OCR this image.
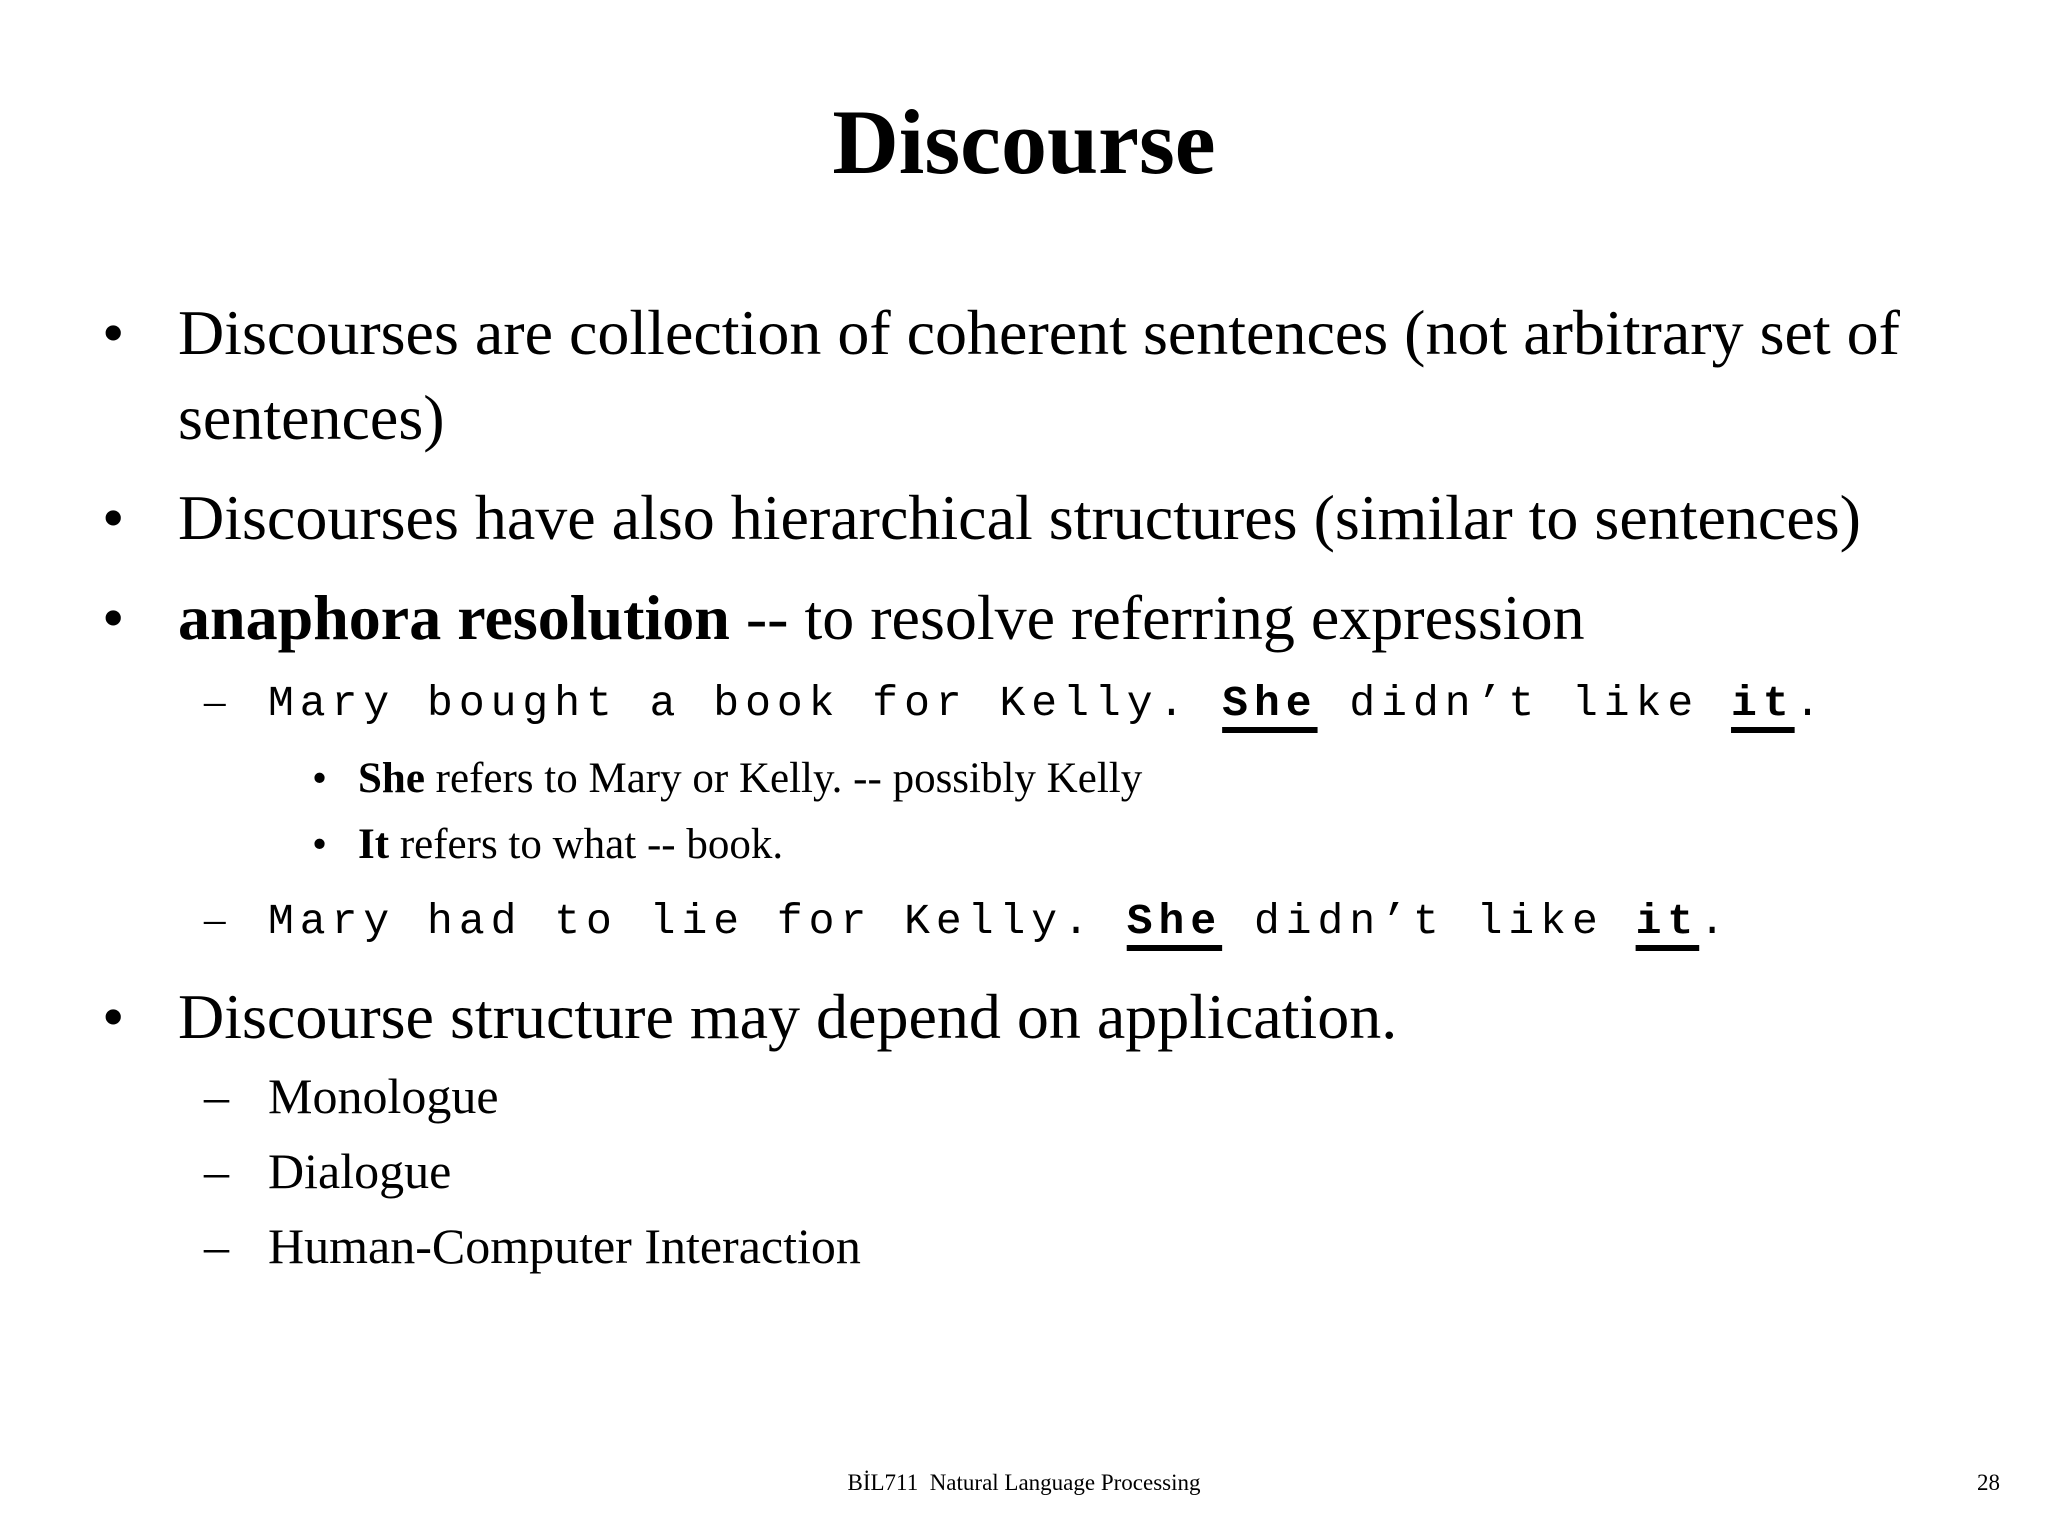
Discourse
• Discourses are collection of coherent sentences (not arbitrary set of sentences)
• Discourses have also hierarchical structures (similar to sentences)
• anaphora resolution -- to resolve referring expression
– Mary bought a book for Kelly. She didn’t like it.
• She refers to Mary or Kelly. -- possibly Kelly
• It refers to what -- book.
– Mary had to lie for Kelly. She didn’t like it.
• Discourse structure may depend on application.
– Monologue
– Dialogue
– Human-Computer Interaction
BİL711  Natural Language Processing	28
